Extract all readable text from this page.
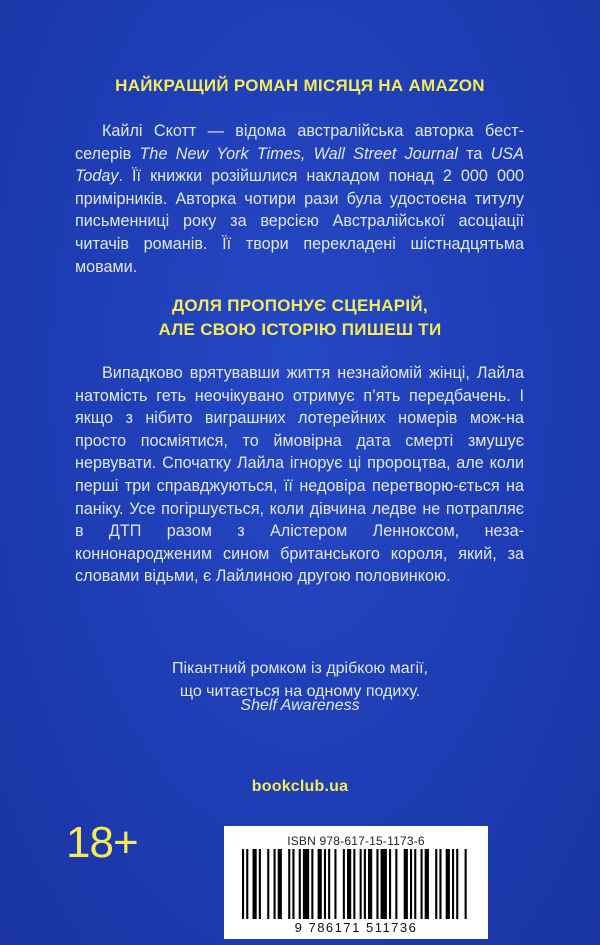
НАЙКРАЩИЙ РОМАН МІСЯЦЯ НА AMAZON

Кайлі Скотт — відома австралійська авторка бест-селерів The New York Times, Wall Street Journal та USA Today. Її книжки розійшлися накладом понад 2 000 000 примірників. Авторка чотири рази була удостоєна титулу письменниці року за версією Австралійської асоціації читачів романів. Її твори перекладені шістнадцятьма мовами.

ДОЛЯ ПРОПОНУЄ СЦЕНАРІЙ,
АЛЕ СВОЮ ІСТОРІЮ ПИШЕШ ТИ

Випадково врятувавши життя незнайомій жінці, Лайла натомість геть неочікувано отримує п’ять передбачень. І якщо з нібито виграшних лотерейних номерів мож-на просто посміятися, то ймовірна дата смерті змушує нервувати. Спочатку Лайла ігнорує ці пророцтва, але коли перші три справджуються, її недовіра перетворю-ється на паніку. Усе погіршується, коли дівчина ледве не потрапляє в ДТП разом з Алістером Ленноксом, неза-коннонародженим сином британського короля, який, за словами відьми, є Лайлиною другою половинкою.

Пікантний ромком із дрібкою магії,
що читається на одному подиху.
Shelf Awareness
bookclub.ua
18+	ISBN 978-617-15-1173-6
9 786171 511736
